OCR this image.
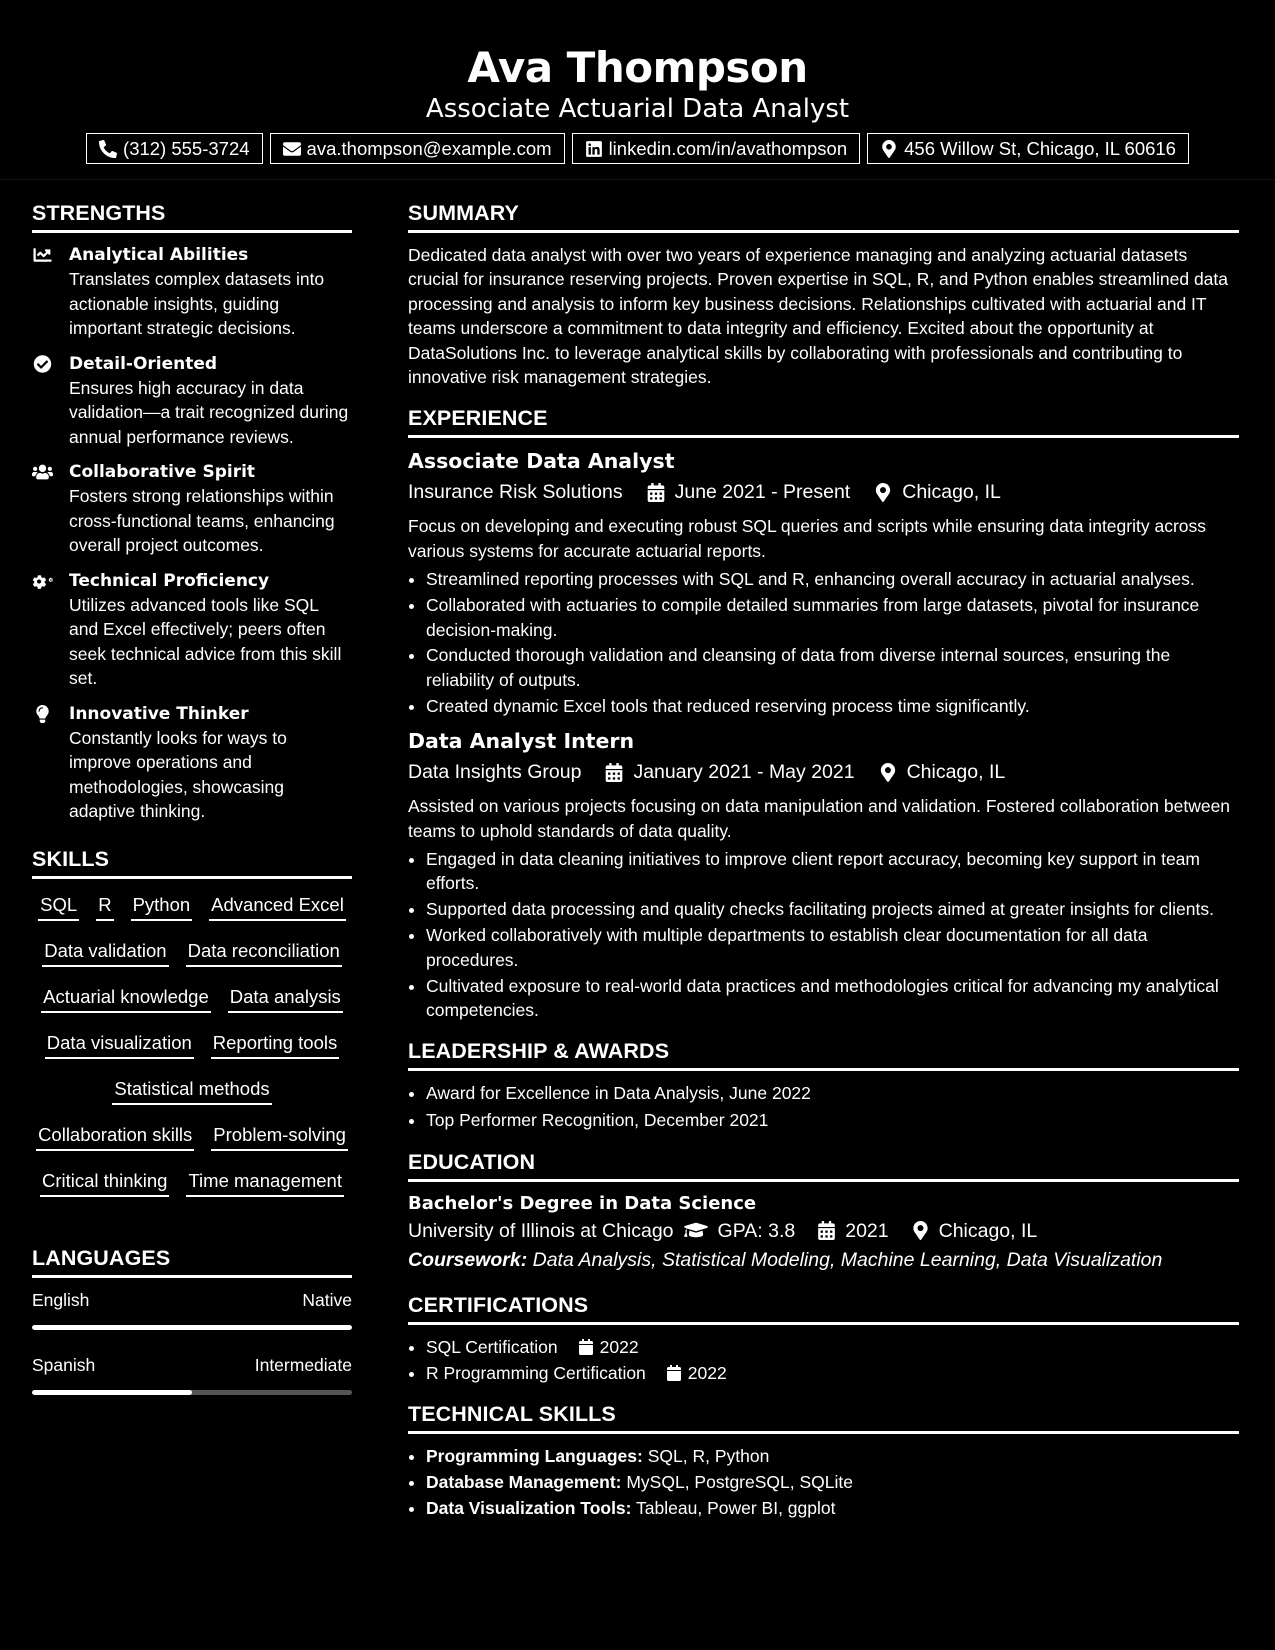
Ava Thompson
Associate Actuarial Data Analyst
(312) 555-3724	ava.thompson@example.com	linkedin.com/in/avathompson	456 Willow St, Chicago, IL 60616
STRENGTHS
Analytical Abilities
Translates complex datasets into actionable insights, guiding important strategic decisions.
Detail-Oriented
Ensures high accuracy in data validation—a trait recognized during annual performance reviews.
Collaborative Spirit
Fosters strong relationships within cross-functional teams, enhancing overall project outcomes.
Technical Proficiency
Utilizes advanced tools like SQL and Excel effectively; peers often seek technical advice from this skill set.
Innovative Thinker
Constantly looks for ways to improve operations and methodologies, showcasing adaptive thinking.
SKILLS
SQL R Python Advanced Excel
Data validation Data reconciliation
Actuarial knowledge Data analysis
Data visualization Reporting tools
Statistical methods
Collaboration skills Problem-solving
Critical thinking Time management
LANGUAGES
English	Native
Spanish	Intermediate
SUMMARY
Dedicated data analyst with over two years of experience managing and analyzing actuarial datasets crucial for insurance reserving projects. Proven expertise in SQL, R, and Python enables streamlined data processing and analysis to inform key business decisions. Relationships cultivated with actuarial and IT teams underscore a commitment to data integrity and efficiency. Excited about the opportunity at DataSolutions Inc. to leverage analytical skills by collaborating with professionals and contributing to innovative risk management strategies.
EXPERIENCE
Associate Data Analyst
Insurance Risk Solutions	June 2021 - Present	Chicago, IL
Focus on developing and executing robust SQL queries and scripts while ensuring data integrity across various systems for accurate actuarial reports.
• Streamlined reporting processes with SQL and R, enhancing overall accuracy in actuarial analyses.
• Collaborated with actuaries to compile detailed summaries from large datasets, pivotal for insurance decision-making.
• Conducted thorough validation and cleansing of data from diverse internal sources, ensuring the reliability of outputs.
• Created dynamic Excel tools that reduced reserving process time significantly.
Data Analyst Intern
Data Insights Group	January 2021 - May 2021	Chicago, IL
Assisted on various projects focusing on data manipulation and validation. Fostered collaboration between teams to uphold standards of data quality.
• Engaged in data cleaning initiatives to improve client report accuracy, becoming key support in team efforts.
• Supported data processing and quality checks facilitating projects aimed at greater insights for clients.
• Worked collaboratively with multiple departments to establish clear documentation for all data procedures.
• Cultivated exposure to real-world data practices and methodologies critical for advancing my analytical competencies.
LEADERSHIP & AWARDS
• Award for Excellence in Data Analysis, June 2022
• Top Performer Recognition, December 2021
EDUCATION
Bachelor's Degree in Data Science
University of Illinois at Chicago GPA: 3.8	2021	Chicago, IL
Coursework: Data Analysis, Statistical Modeling, Machine Learning, Data Visualization
CERTIFICATIONS
• SQL Certification 2022
• R Programming Certification 2022
TECHNICAL SKILLS
• Programming Languages: SQL, R, Python
• Database Management: MySQL, PostgreSQL, SQLite
• Data Visualization Tools: Tableau, Power BI, ggplot
